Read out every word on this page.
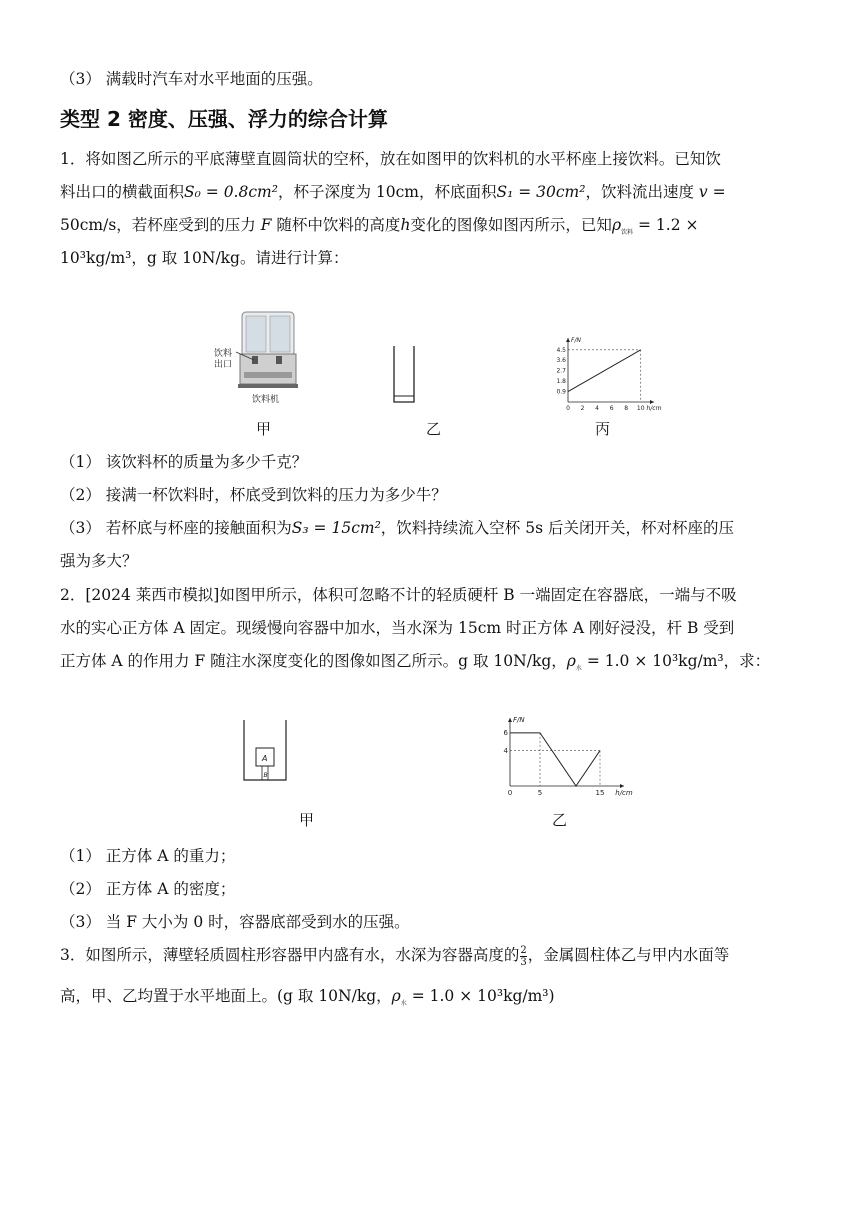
（3） 满载时汽车对水平地面的压强。
类型 2 密度、压强、浮力的综合计算
1．将如图乙所示的平底薄壁直圆筒状的空杯，放在如图甲的饮料机的水平杯座上接饮料。已知饮
料出口的横截面积S₀ = 0.8cm²，杯子深度为 10cm，杯底面积S₁ = 30cm²，饮料流出速度 v =
50cm/s，若杯座受到的压力 F 随杯中饮料的高度h变化的图像如图丙所示，已知$\rho_{饮料} = 1.2$ ×
10³kg/m³，g 取 10N/kg。请进行计算：
饮料
出口
饮料机
F/N
h/cm
0 2 4 6 8 10
0.9
1.8
2.7
3.6
4.5
甲	乙	丙
（1） 该饮料杯的质量为多少千克？
（2） 接满一杯饮料时，杯底受到饮料的压力为多少牛？
（3） 若杯底与杯座的接触面积为S₃ = 15cm²，饮料持续流入空杯 5s 后关闭开关，杯对杯座的压
强为多大？
2．[2024 莱西市模拟]如图甲所示，体积可忽略不计的轻质硬杆 B 一端固定在容器底，一端与不吸
水的实心正方体 A 固定。现缓慢向容器中加水，当水深为 15cm 时正方体 A 刚好浸没，杆 B 受到
正方体 A 的作用力 F 随注水深度变化的图像如图乙所示。g 取 10N/kg，$\rho_水 = 1.0 \times 10^3kg/m^3$，求：
A
B
F/N
h/cm
0	5	15
4
6
甲	乙
（1） 正方体 A 的重力；
（2） 正方体 A 的密度；
（3） 当 F 大小为 0 时，容器底部受到水的压强。
3．如图所示，薄壁轻质圆柱形容器甲内盛有水，水深为容器高度的 $\frac{2}{3}$ ，金属圆柱体乙与甲内水面等
高，甲、乙均置于水平地面上。(g 取 10N/kg，$\rho_水 = 1.0 \times 10^3kg/m^3$)
